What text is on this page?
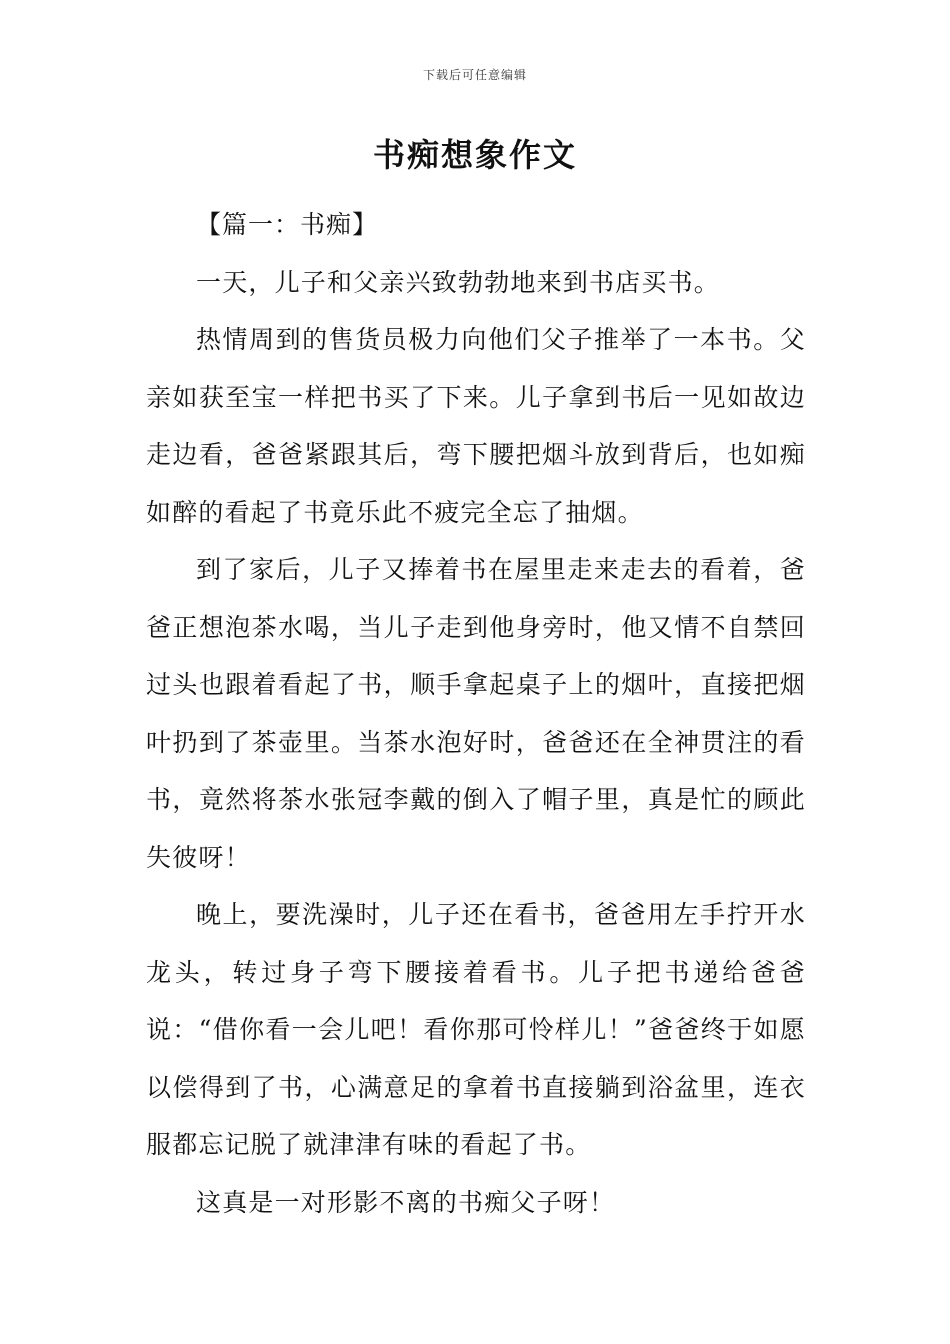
下载后可任意编辑
书痴想象作文

【篇一：书痴】

一天，儿子和父亲兴致勃勃地来到书店买书。

热情周到的售货员极力向他们父子推举了一本书。父亲如获至宝一样把书买了下来。儿子拿到书后一见如故边走边看，爸爸紧跟其后，弯下腰把烟斗放到背后，也如痴如醉的看起了书竟乐此不疲完全忘了抽烟。

到了家后，儿子又捧着书在屋里走来走去的看着，爸爸正想泡茶水喝，当儿子走到他身旁时，他又情不自禁回过头也跟着看起了书，顺手拿起桌子上的烟叶，直接把烟叶扔到了茶壶里。当茶水泡好时，爸爸还在全神贯注的看书，竟然将茶水张冠李戴的倒入了帽子里，真是忙的顾此失彼呀！

晚上，要洗澡时，儿子还在看书，爸爸用左手拧开水龙头，转过身子弯下腰接着看书。儿子把书递给爸爸说：“借你看一会儿吧！看你那可怜样儿！”爸爸终于如愿以偿得到了书，心满意足的拿着书直接躺到浴盆里，连衣服都忘记脱了就津津有味的看起了书。

这真是一对形影不离的书痴父子呀！
